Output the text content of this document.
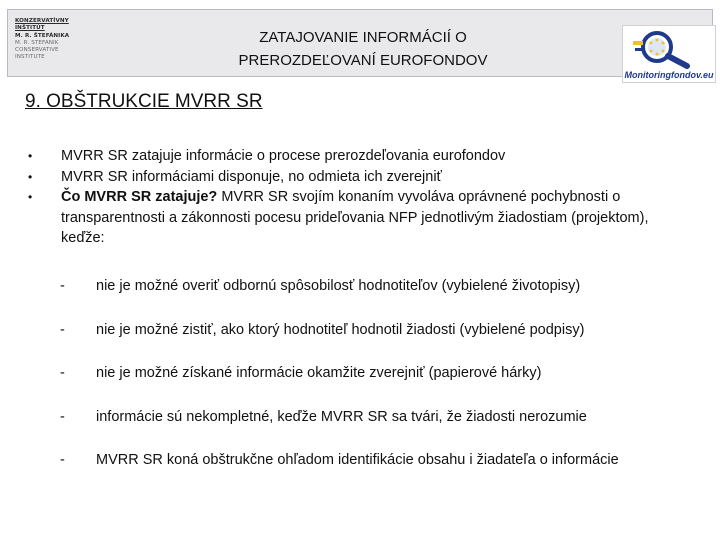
KONZERVATÍVNY
INŠTITÚT
M. R. ŠTEFÁNIKA
M. R. STEFANIK
CONSERVATIVE
INSTITUTE
ZATAJOVANIE INFORMÁCIÍ O
PREROZDEĽOVANÍ EUROFONDOV
Monitoringfondov.eu
9. OBŠTRUKCIE MVRR SR
•	MVRR SR zatajuje informácie o procese prerozdeľovania eurofondov
•	MVRR SR informáciami disponuje, no odmieta ich zverejniť
•	Čo MVRR SR zatajuje? MVRR SR svojím konaním vyvoláva oprávnené pochybnosti o transparentnosti a zákonnosti pocesu prideľovania NFP jednotlivým žiadostiam (projektom), keďže:
-	nie je možné overiť odbornú spôsobilosť hodnotiteľov (vybielené životopisy)
-	nie je možné zistiť, ako ktorý hodnotiteľ hodnotil žiadosti (vybielené podpisy)
-	nie je možné získané informácie okamžite zverejniť (papierové hárky)
-	informácie sú nekompletné, keďže MVRR SR sa tvári, že žiadosti nerozumie
-	MVRR SR koná obštrukčne ohľadom identifikácie obsahu i žiadateľa o informácie
